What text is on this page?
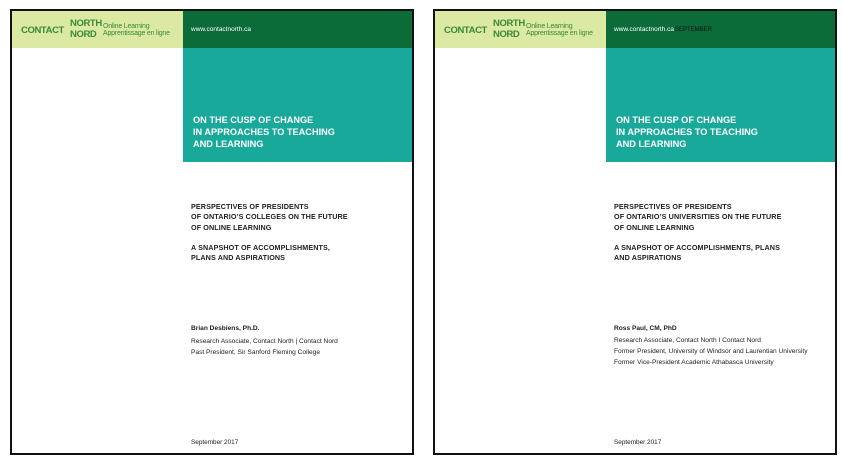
CONTACT
NORTH
NORD
Online Learning
Apprentissage en ligne
www.contactnorth.ca
ON THE CUSP OF CHANGE
IN APPROACHES TO TEACHING
AND LEARNING
PERSPECTIVES OF PRESIDENTS
OF ONTARIO’S COLLEGES ON THE FUTURE
OF ONLINE LEARNING
A SNAPSHOT OF ACCOMPLISHMENTS,
PLANS AND ASPIRATIONS
Brian Desbiens, Ph.D.
Research Associate, Contact North | Contact Nord
Past President, Sir Sanford Fleming College
September 2017
CONTACT
NORTH
NORD
Online Learning
Apprentissage en ligne
www.contactnorth.ca SEPTEMBER
ON THE CUSP OF CHANGE
IN APPROACHES TO TEACHING
AND LEARNING
PERSPECTIVES OF PRESIDENTS
OF ONTARIO’S UNIVERSITIES ON THE FUTURE
OF ONLINE LEARNING
A SNAPSHOT OF ACCOMPLISHMENTS, PLANS
AND ASPIRATIONS
Ross Paul, CM, PhD
Research Associate, Contact North I Contact Nord
Former President, University of Windsor and Laurentian University
Former Vice-President Academic Athabasca University
September 2017
